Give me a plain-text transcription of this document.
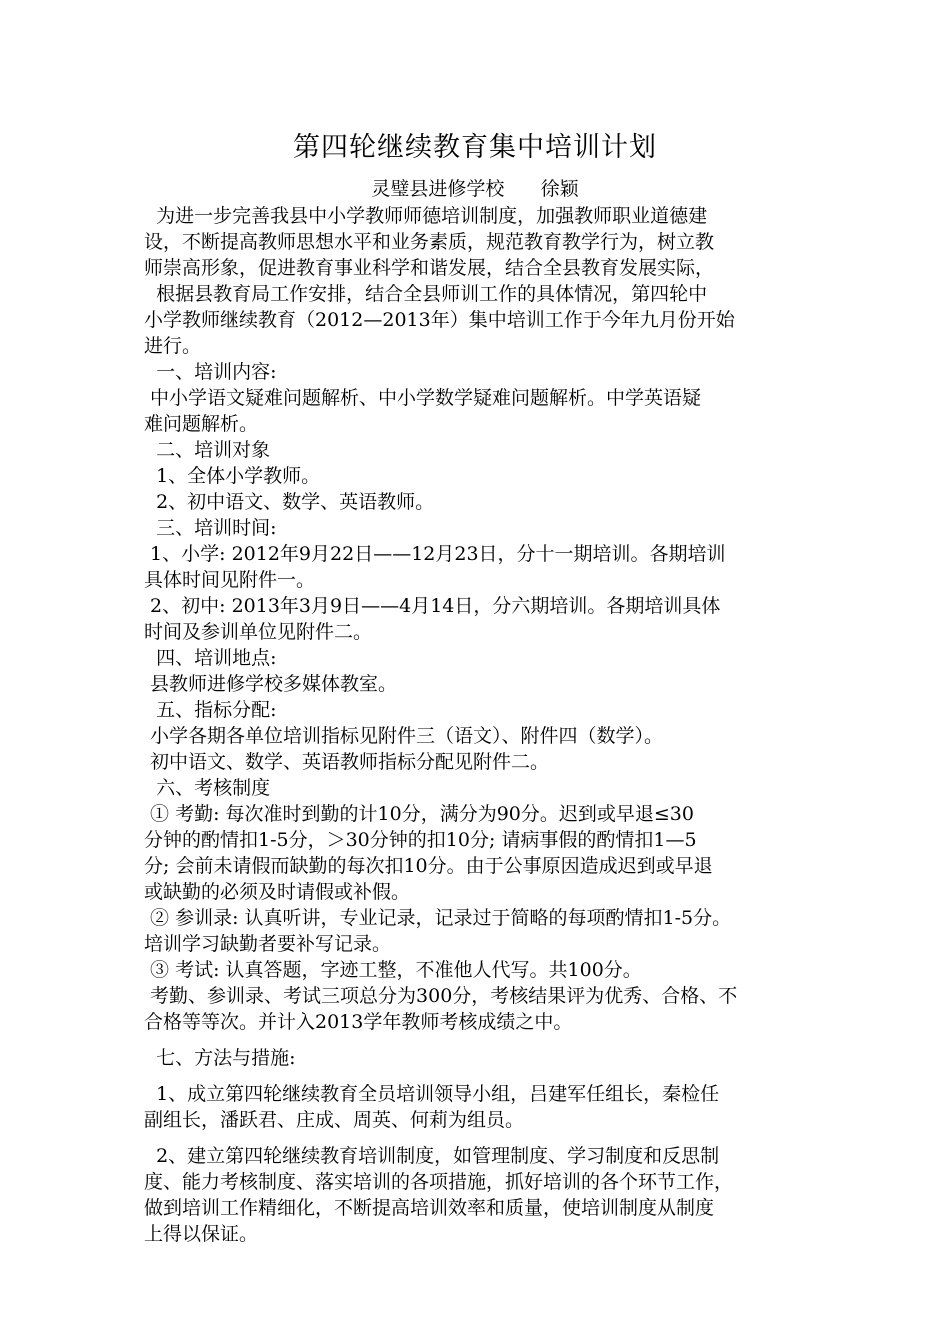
第四轮继续教育集中培训计划
灵璧县进修学校      徐颖
为进一步完善我县中小学教师师德培训制度，加强教师职业道德建
设，不断提高教师思想水平和业务素质，规范教育教学行为，树立教
师崇高形象，促进教育事业科学和谐发展，结合全县教育发展实际，
根据县教育局工作安排，结合全县师训工作的具体情况，第四轮中
小学教师继续教育（2012—2013年）集中培训工作于今年九月份开始
进行。
一、培训内容:
中小学语文疑难问题解析、中小学数学疑难问题解析。中学英语疑
难问题解析。
二、培训对象
1、全体小学教师。
2、初中语文、数学、英语教师。
三、培训时间:
1、小学: 2012年9月22日——12月23日，分十一期培训。各期培训
具体时间见附件一。
2、初中: 2013年3月9日——4月14日，分六期培训。各期培训具体
时间及参训单位见附件二。
四、培训地点:
县教师进修学校多媒体教室。
五、指标分配:
小学各期各单位培训指标见附件三（语文）、附件四（数学）。
初中语文、数学、英语教师指标分配见附件二。
六、考核制度
① 考勤: 每次准时到勤的计10分，满分为90分。迟到或早退≤30
分钟的酌情扣1-5分，＞30分钟的扣10分; 请病事假的酌情扣1—5
分; 会前未请假而缺勤的每次扣10分。由于公事原因造成迟到或早退
或缺勤的必须及时请假或补假。
② 参训录: 认真听讲，专业记录，记录过于简略的每项酌情扣1-5分。
培训学习缺勤者要补写记录。
③ 考试: 认真答题，字迹工整，不准他人代写。共100分。
考勤、参训录、考试三项总分为300分，考核结果评为优秀、合格、不
合格等等次。并计入2013学年教师考核成绩之中。
七、方法与措施:
1、成立第四轮继续教育全员培训领导小组，吕建军任组长，秦检任
副组长，潘跃君、庄成、周英、何莉为组员。
2、建立第四轮继续教育培训制度，如管理制度、学习制度和反思制
度、能力考核制度、落实培训的各项措施，抓好培训的各个环节工作，
做到培训工作精细化，不断提高培训效率和质量，使培训制度从制度
上得以保证。
